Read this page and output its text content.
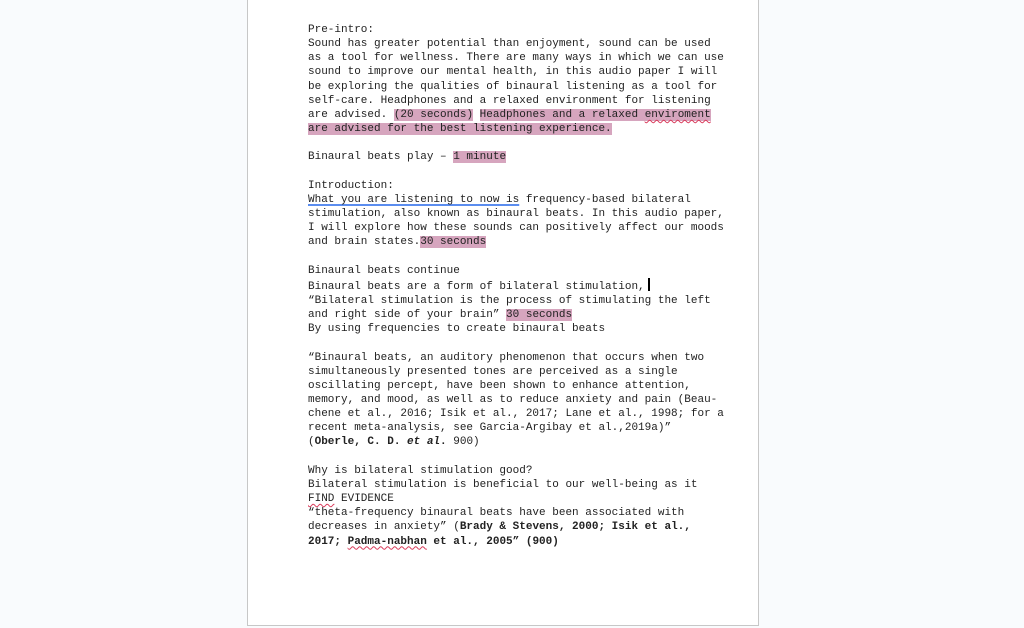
Pre-intro:

Sound has greater potential than enjoyment, sound can be used as a tool for wellness. There are many ways in which we can use sound to improve our mental health, in this audio paper I will be exploring the qualities of binaural listening as a tool for self-care. Headphones and a relaxed environment for listening are advised. (20 seconds) Headphones and a relaxed enviroment are advised for the best listening experience.

Binaural beats play – 1 minute

Introduction:

What you are listening to now is frequency-based bilateral stimulation, also known as binaural beats. In this audio paper, I will explore how these sounds can positively affect our moods and brain states.30 seconds

Binaural beats continue

Binaural beats are a form of bilateral stimulation,

“Bilateral stimulation is the process of stimulating the left and right side of your brain” 30 seconds

By using frequencies to create binaural beats

“Binaural beats, an auditory phenomenon that occurs when two simultaneously presented tones are perceived as a single oscillating percept, have been shown to enhance attention, memory, and mood, as well as to reduce anxiety and pain (Beau-chene et al., 2016; Isik et al., 2017; Lane et al., 1998; for a recent meta-analysis, see Garcia-Argibay et al.,2019a)” (Oberle, C. D. et al. 900)

Why is bilateral stimulation good?

Bilateral stimulation is beneficial to our well-being as it

FIND EVIDENCE

“theta-frequency binaural beats have been associated with decreases in anxiety” (Brady & Stevens, 2000; Isik et al., 2017; Padma-nabhan et al., 2005” (900)
